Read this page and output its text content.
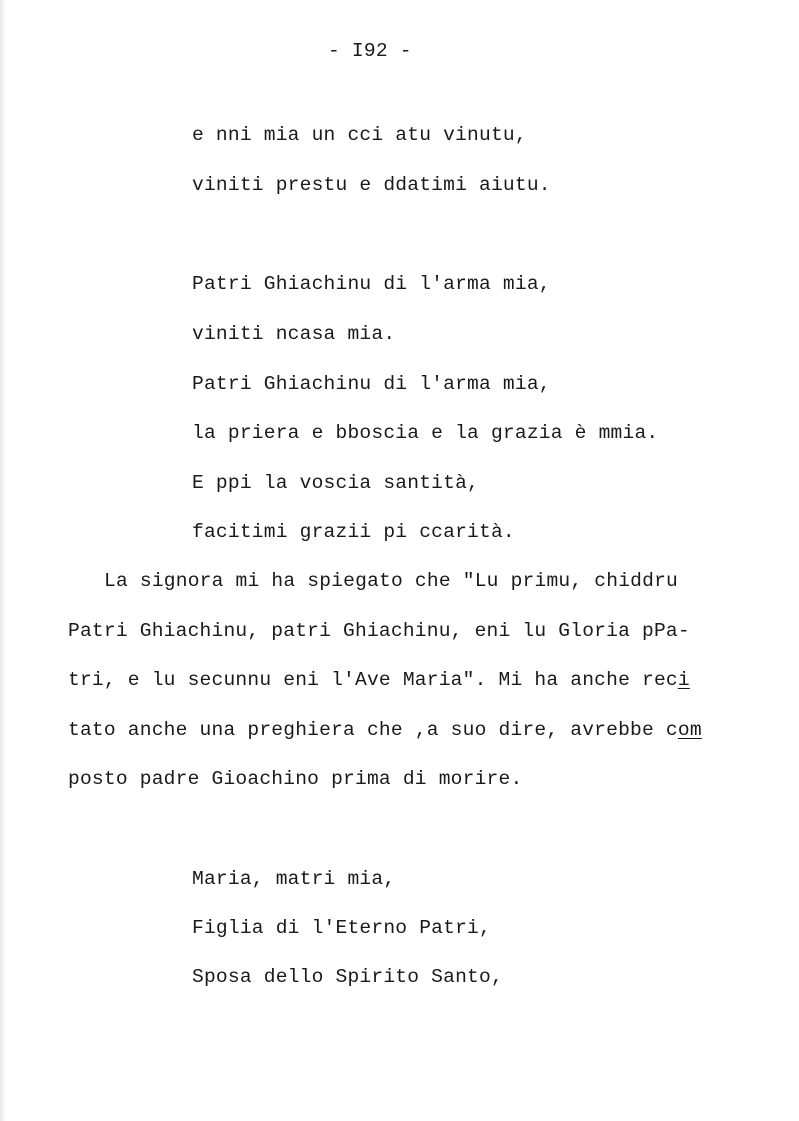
- I92 -
e nni mia un cci atu vinutu,
viniti prestu e ddatimi aiutu.
Patri Ghiachinu di l'arma mia,
viniti ncasa mia.
Patri Ghiachinu di l'arma mia,
la priera e bboscia e la grazia è mmia.
E ppi la voscia santità,
facitimi grazii pi ccarità.
La signora mi ha spiegato che "Lu primu, chiddru
Patri Ghiachinu, patri Ghiachinu, eni lu Gloria pPa-
tri, e lu secunnu eni l'Ave Maria". Mi ha anche reci
tato anche una preghiera che ,a suo dire, avrebbe com
posto padre Gioachino prima di morire.
Maria, matri mia,
Figlia di l'Eterno Patri,
Sposa dello Spirito Santo,
